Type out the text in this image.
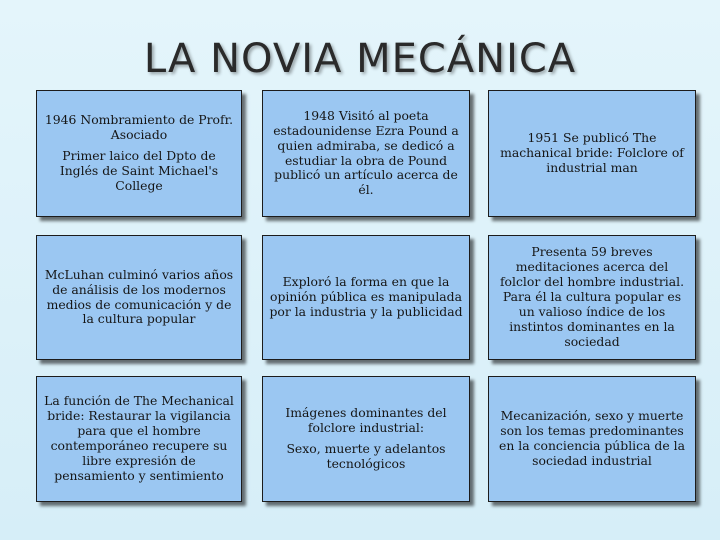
LA NOVIA MECÁNICA

1946 Nombramiento de Profr. Asociado

Primer laico del Dpto de Inglés de Saint Michael's College

1948 Visitó al poeta estadounidense Ezra Pound a quien admiraba, se dedicó a estudiar la obra de Pound publicó un artículo acerca de él.

1951 Se publicó The machanical bride: Folclore of industrial man

McLuhan culminó varios años de análisis de los modernos medios de comunicación y de la cultura popular

Exploró la forma en que la opinión pública es manipulada por la industria y la publicidad

Presenta 59 breves meditaciones acerca del folclor del hombre industrial. Para él la cultura popular es un valioso índice de los instintos dominantes en la sociedad

La función de The Mechanical bride: Restaurar la vigilancia para que el hombre contemporáneo recupere su libre expresión de pensamiento y sentimiento

Imágenes dominantes del folclore industrial:

Sexo, muerte y adelantos tecnológicos

Mecanización, sexo y muerte son los temas predominantes en la conciencia pública de la sociedad industrial
